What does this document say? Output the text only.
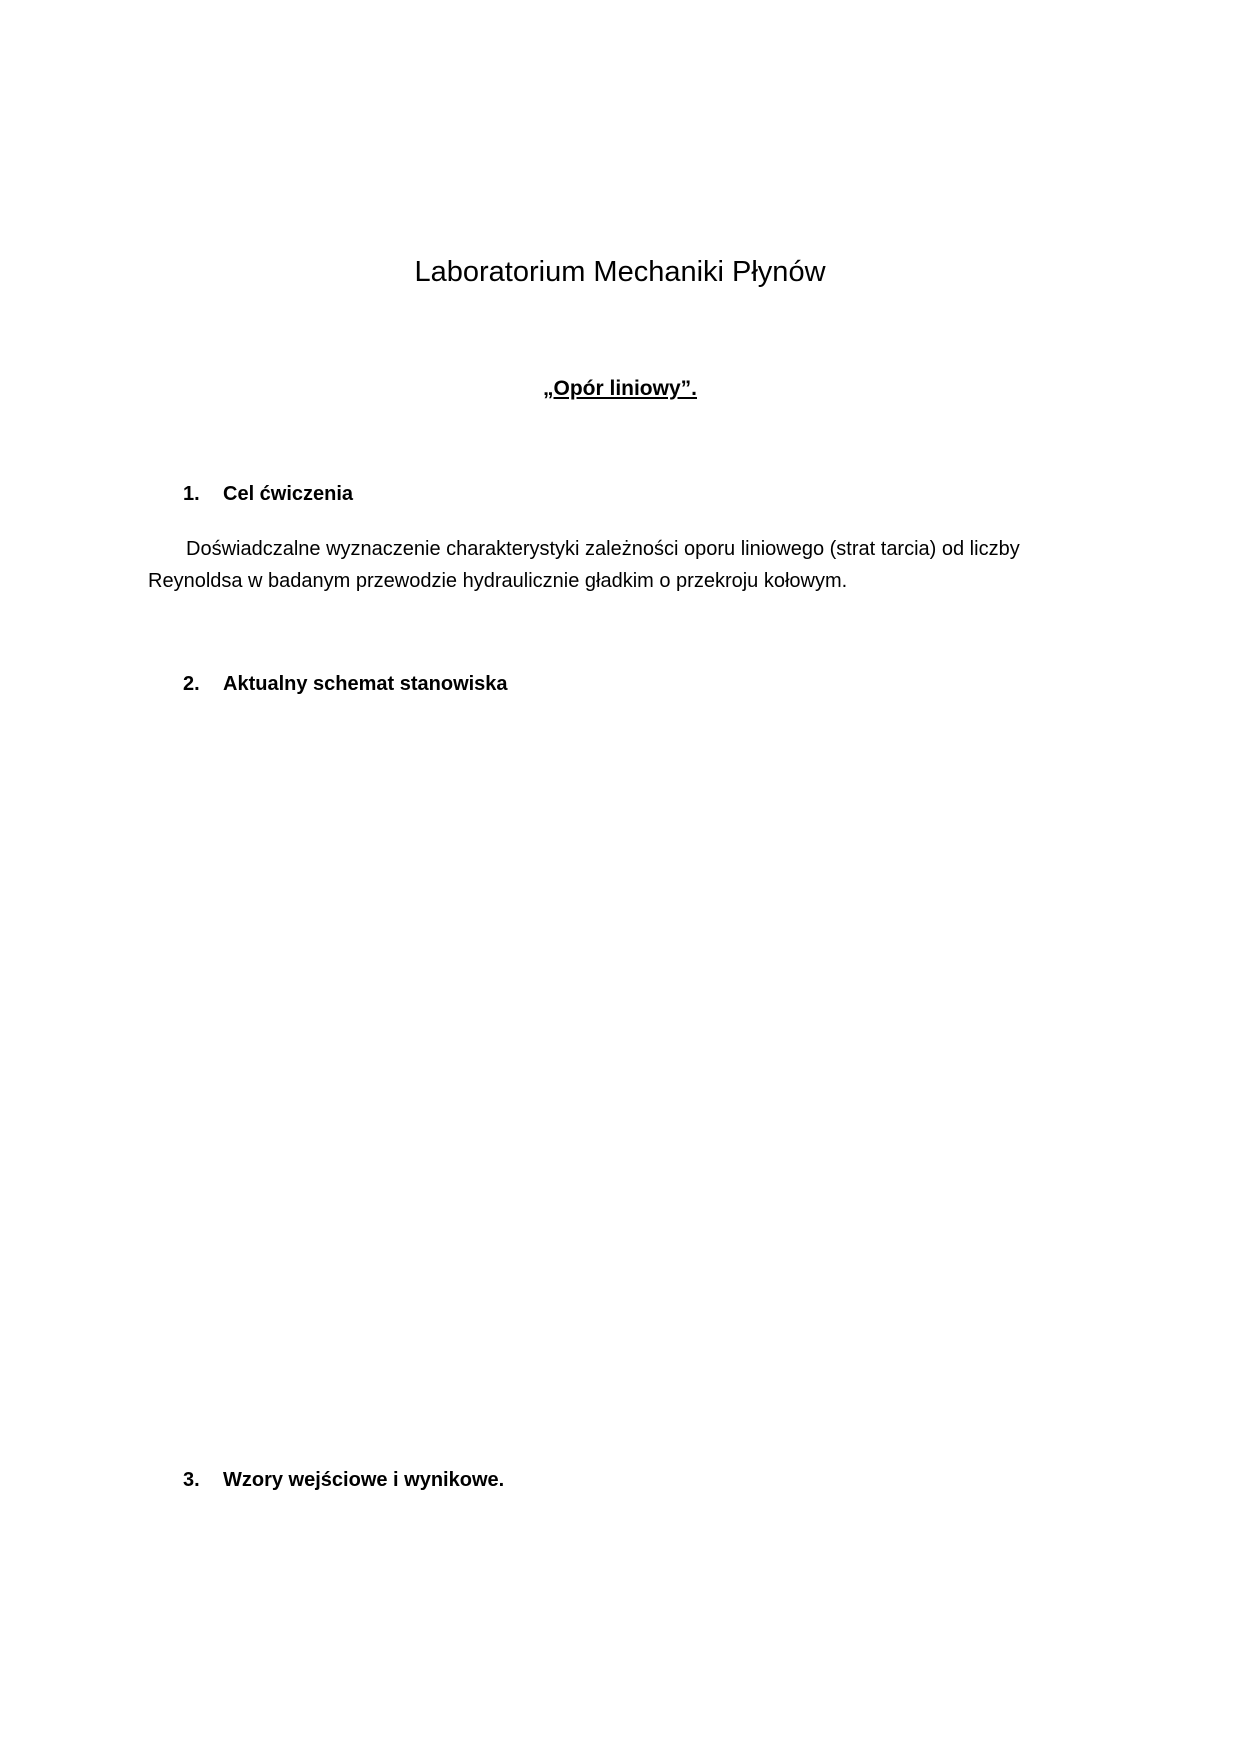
Laboratorium Mechaniki Płynów
„Opór liniowy”.
1. Cel ćwiczenia

Doświadczalne wyznaczenie charakterystyki zależności oporu liniowego (strat tarcia) od liczby Reynoldsa w badanym przewodzie hydraulicznie gładkim o przekroju kołowym.

2. Aktualny schemat stanowiska
3. Wzory wejściowe i wynikowe.
